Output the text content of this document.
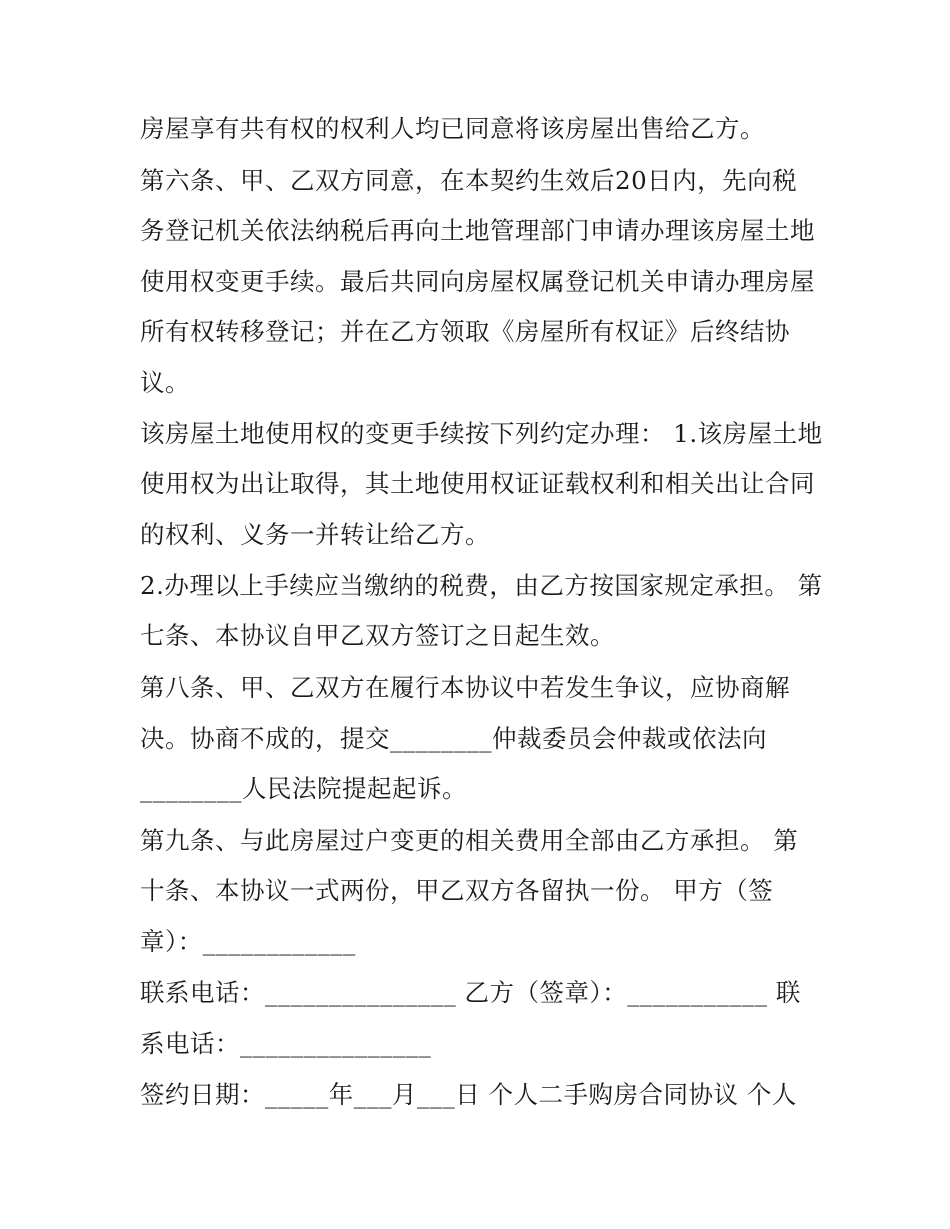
房屋享有共有权的权利人均已同意将该房屋出售给乙方。
第六条、甲、乙双方同意，在本契约生效后20日内，先向税
务登记机关依法纳税后再向土地管理部门申请办理该房屋土地
使用权变更手续。最后共同向房屋权属登记机关申请办理房屋
所有权转移登记；并在乙方领取《房屋所有权证》后终结协
议。
该房屋土地使用权的变更手续按下列约定办理： 1.该房屋土地
使用权为出让取得，其土地使用权证证载权利和相关出让合同
的权利、义务一并转让给乙方。
2.办理以上手续应当缴纳的税费，由乙方按国家规定承担。 第
七条、本协议自甲乙双方签订之日起生效。
第八条、甲、乙双方在履行本协议中若发生争议，应协商解
决。协商不成的，提交________仲裁委员会仲裁或依法向
________人民法院提起起诉。
第九条、与此房屋过户变更的相关费用全部由乙方承担。 第
十条、本协议一式两份，甲乙双方各留执一份。 甲方（签
章）：____________
联系电话：_______________ 乙方（签章）：___________ 联
系电话：_______________
签约日期：_____年___月___日 个人二手购房合同协议 个人
